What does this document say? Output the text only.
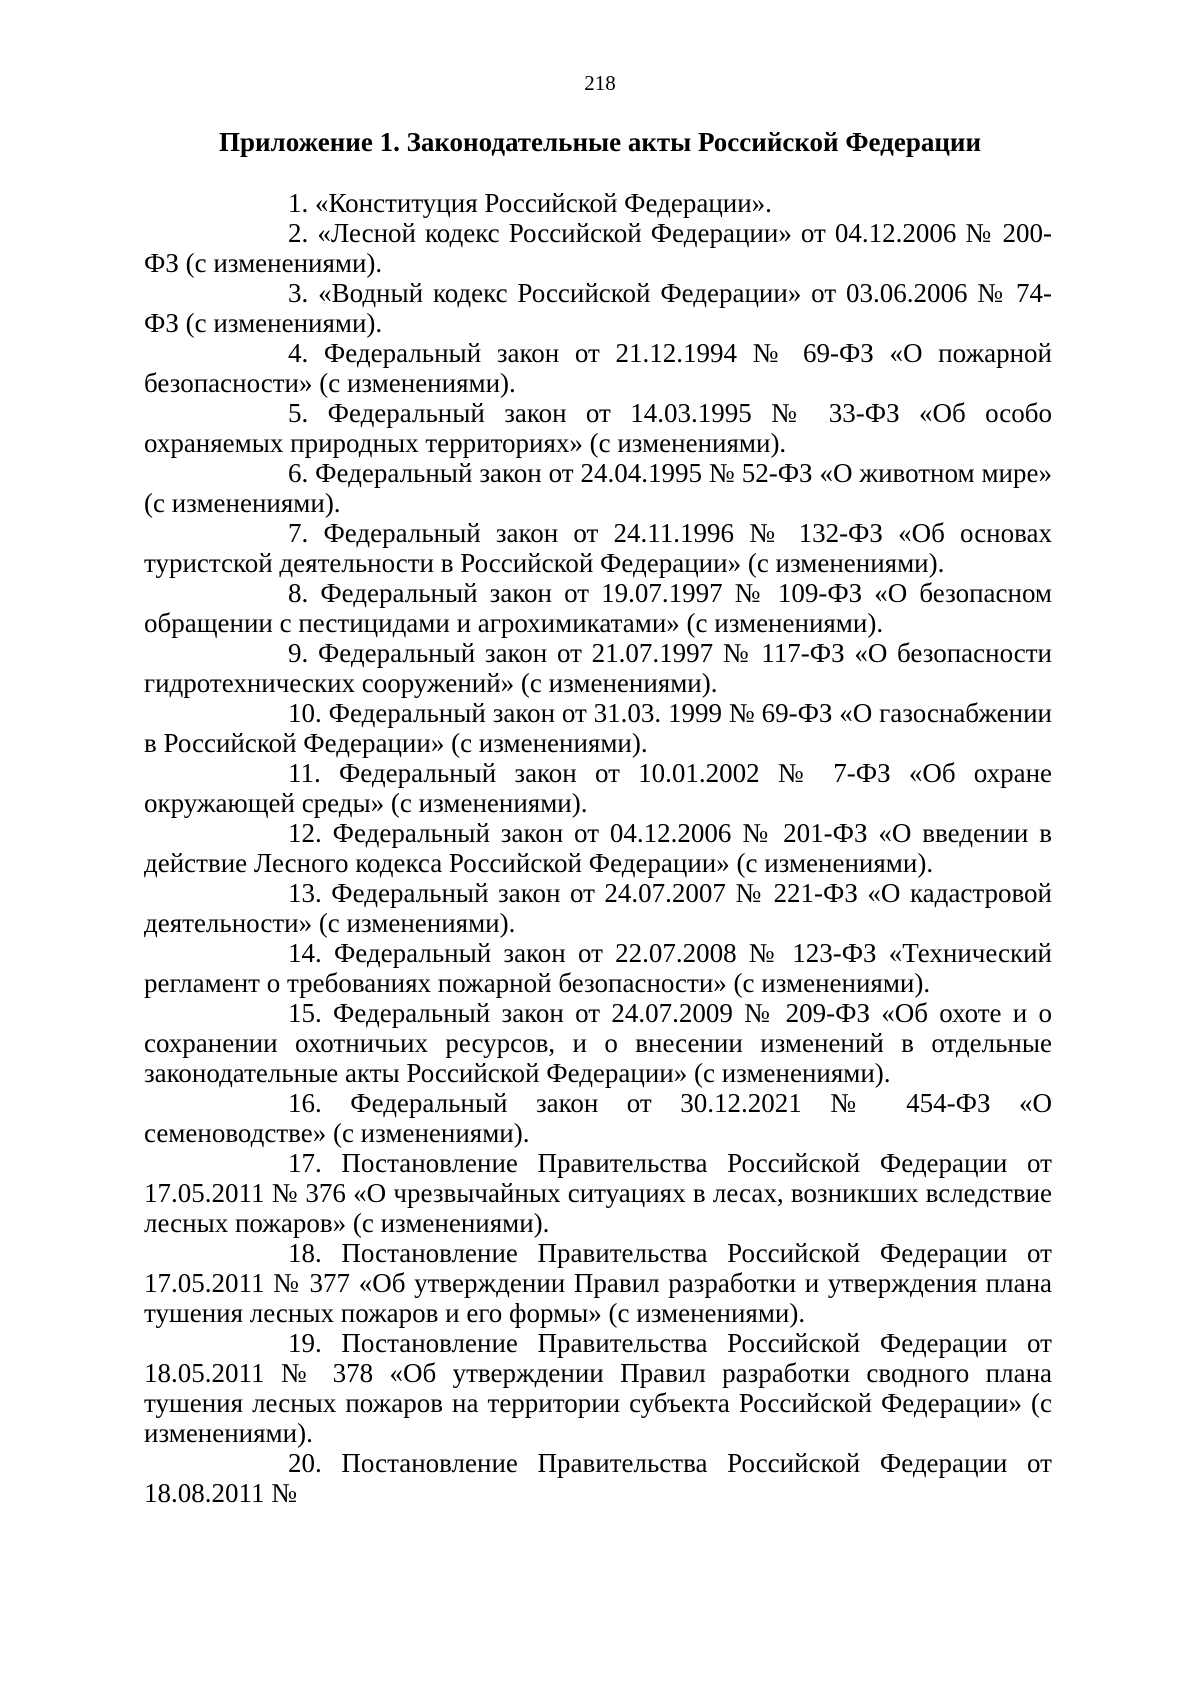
218
Приложение 1. Законодательные акты Российской Федерации

1. «Конституция Российской Федерации».

2. «Лесной кодекс Российской Федерации» от 04.12.2006 № 200-ФЗ (с изменениями).

3. «Водный кодекс Российской Федерации» от 03.06.2006 № 74-ФЗ (с изменениями).

4. Федеральный закон от 21.12.1994 № 69-ФЗ «О пожарной безопасности» (с изменениями).

5. Федеральный закон от 14.03.1995 № 33-ФЗ «Об особо охраняемых природных территориях» (с изменениями).

6. Федеральный закон от 24.04.1995 № 52-ФЗ «О животном мире» (с изменениями).

7. Федеральный закон от 24.11.1996 № 132-ФЗ «Об основах туристской деятельности в Российской Федерации» (с изменениями).

8. Федеральный закон от 19.07.1997 № 109-ФЗ «О безопасном обращении с пестицидами и агрохимикатами» (с изменениями).

9. Федеральный закон от 21.07.1997 № 117-ФЗ «О безопасности гидротехнических сооружений» (с изменениями).

10. Федеральный закон от 31.03. 1999 № 69-ФЗ «О газоснабжении в Российской Федерации» (с изменениями).

11. Федеральный закон от 10.01.2002 № 7-ФЗ «Об охране окружающей среды» (с изменениями).

12. Федеральный закон от 04.12.2006 № 201-ФЗ «О введении в действие Лесного кодекса Российской Федерации» (с изменениями).

13. Федеральный закон от 24.07.2007 № 221-ФЗ «О кадастровой деятельности» (с изменениями).

14. Федеральный закон от 22.07.2008 № 123-ФЗ «Технический регламент о требованиях пожарной безопасности» (с изменениями).

15. Федеральный закон от 24.07.2009 № 209-ФЗ «Об охоте и о сохранении охотничьих ресурсов, и о внесении изменений в отдельные законодательные акты Российской Федерации» (с изменениями).

16. Федеральный закон от 30.12.2021 № 454-ФЗ «О семеноводстве» (с изменениями).

17. Постановление Правительства Российской Федерации от 17.05.2011 № 376 «О чрезвычайных ситуациях в лесах, возникших вследствие лесных пожаров» (с изменениями).

18. Постановление Правительства Российской Федерации от 17.05.2011 № 377 «Об утверждении Правил разработки и утверждения плана тушения лесных пожаров и его формы» (с изменениями).

19. Постановление Правительства Российской Федерации от 18.05.2011 № 378 «Об утверждении Правил разработки сводного плана тушения лесных пожаров на территории субъекта Российской Федерации» (с изменениями).

20. Постановление Правительства Российской Федерации от 18.08.2011 №
